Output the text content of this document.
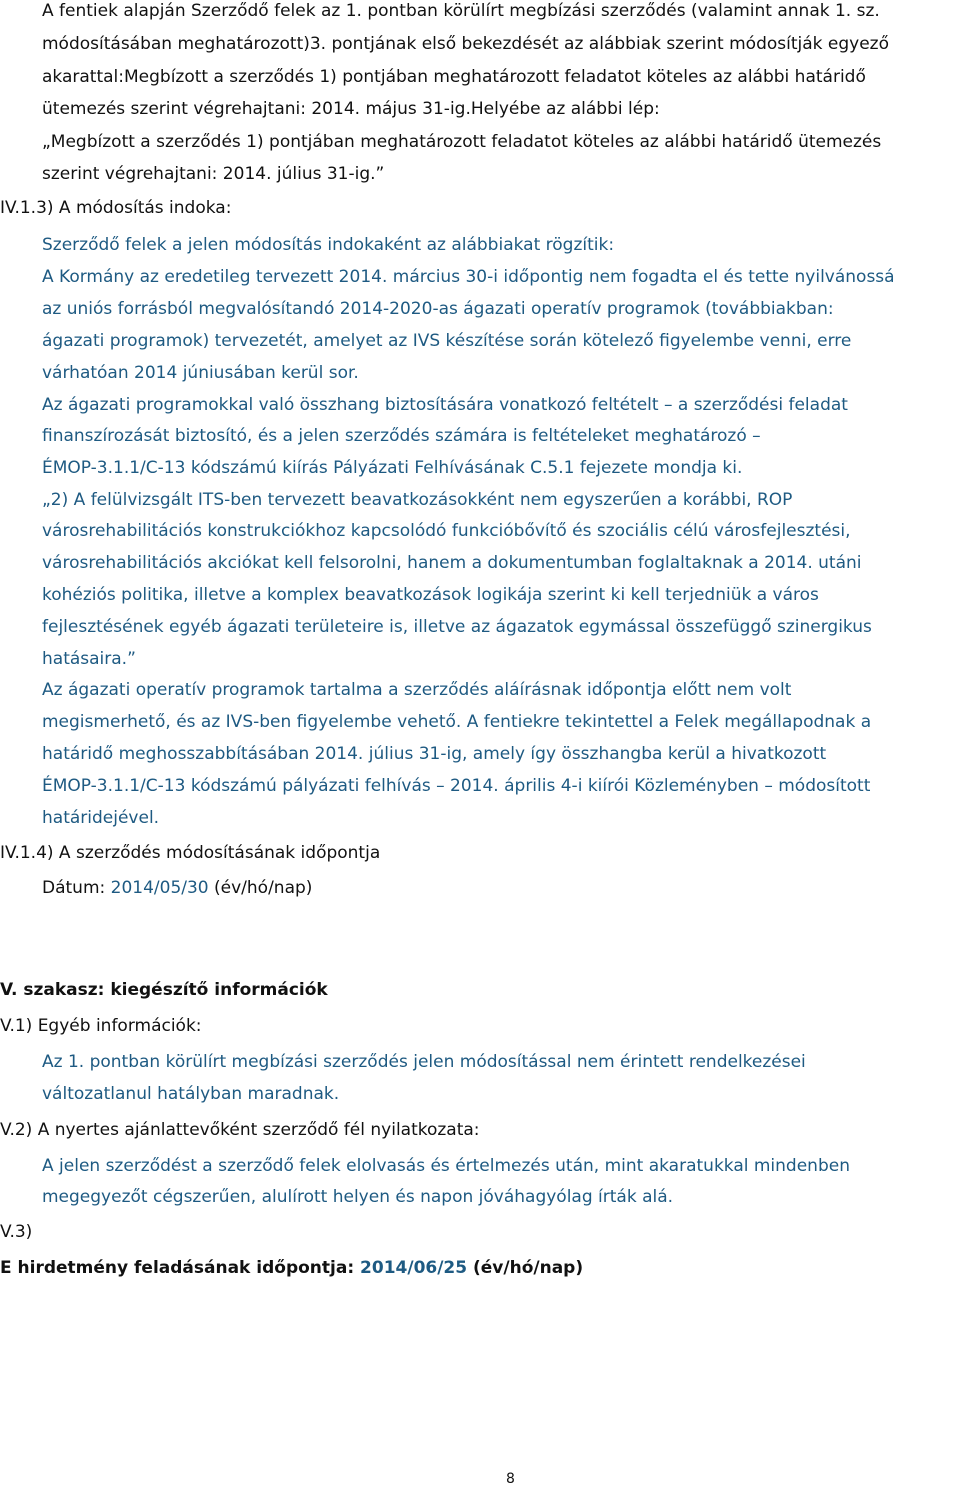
A fentiek alapján Szerződő felek az 1. pontban körülírt megbízási szerződés (valamint annak 1. sz.
módosításában meghatározott)3. pontjának első bekezdését az alábbiak szerint módosítják egyező
akarattal:Megbízott a szerződés 1) pontjában meghatározott feladatot köteles az alábbi határidő
ütemezés szerint végrehajtani: 2014. május 31-ig.Helyébe az alábbi lép:
„Megbízott a szerződés 1) pontjában meghatározott feladatot köteles az alábbi határidő ütemezés
szerint végrehajtani: 2014. július 31-ig.”
IV.1.3) A módosítás indoka:
Szerződő felek a jelen módosítás indokaként az alábbiakat rögzítik:
A Kormány az eredetileg tervezett 2014. március 30-i időpontig nem fogadta el és tette nyilvánossá
az uniós forrásból megvalósítandó 2014-2020-as ágazati operatív programok (továbbiakban:
ágazati programok) tervezetét, amelyet az IVS készítése során kötelező figyelembe venni, erre
várhatóan 2014 júniusában kerül sor.
Az ágazati programokkal való összhang biztosítására vonatkozó feltételt – a szerződési feladat
finanszírozását biztosító, és a jelen szerződés számára is feltételeket meghatározó –
ÉMOP-3.1.1/C-13 kódszámú kiírás Pályázati Felhívásának C.5.1 fejezete mondja ki.
„2) A felülvizsgált ITS-ben tervezett beavatkozásokként nem egyszerűen a korábbi, ROP
városrehabilitációs konstrukciókhoz kapcsolódó funkcióbővítő és szociális célú városfejlesztési,
városrehabilitációs akciókat kell felsorolni, hanem a dokumentumban foglaltaknak a 2014. utáni
kohéziós politika, illetve a komplex beavatkozások logikája szerint ki kell terjedniük a város
fejlesztésének egyéb ágazati területeire is, illetve az ágazatok egymással összefüggő szinergikus
hatásaira.”
Az ágazati operatív programok tartalma a szerződés aláírásnak időpontja előtt nem volt
megismerhető, és az IVS-ben figyelembe vehető. A fentiekre tekintettel a Felek megállapodnak a
határidő meghosszabbításában 2014. július 31-ig, amely így összhangba kerül a hivatkozott
ÉMOP-3.1.1/C-13 kódszámú pályázati felhívás – 2014. április 4-i kiírói Közleményben – módosított
határidejével.
IV.1.4) A szerződés módosításának időpontja
Dátum: 2014/05/30 (év/hó/nap)
V. szakasz: kiegészítő információk
V.1) Egyéb információk:
Az 1. pontban körülírt megbízási szerződés jelen módosítással nem érintett rendelkezései
változatlanul hatályban maradnak.
V.2) A nyertes ajánlattevőként szerződő fél nyilatkozata:
A jelen szerződést a szerződő felek elolvasás és értelmezés után, mint akaratukkal mindenben
megegyezőt cégszerűen, alulírott helyen és napon jóváhagyólag írták alá.
V.3)
E hirdetmény feladásának időpontja: 2014/06/25 (év/hó/nap)
8
